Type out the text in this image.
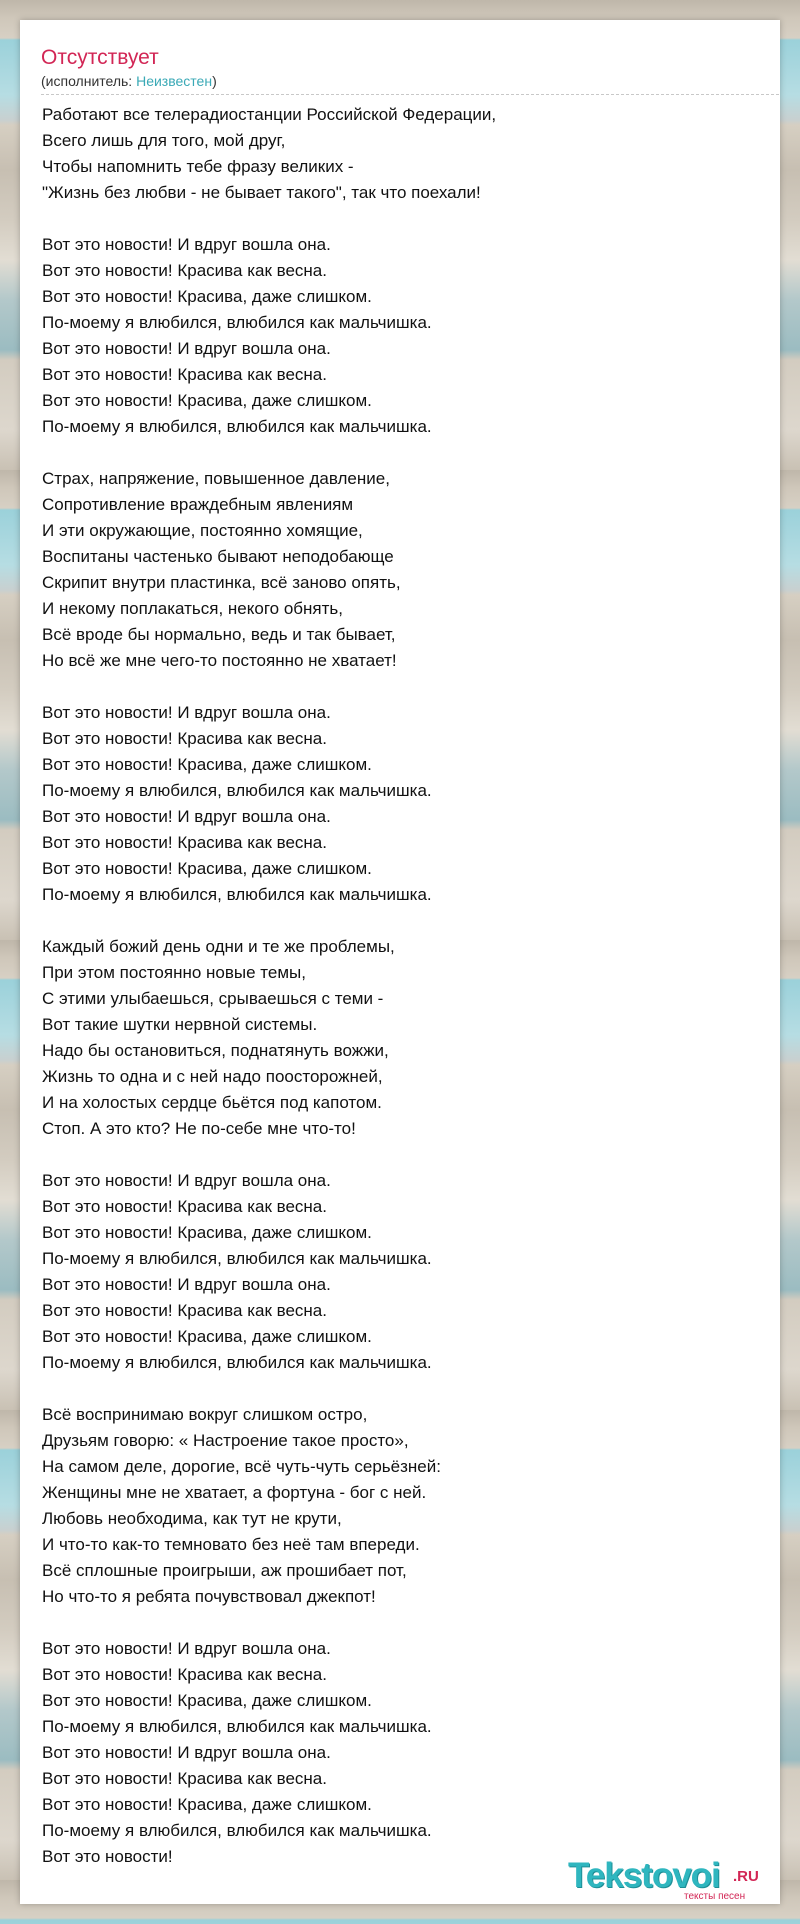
Отсутствует
(исполнитель: Неизвестен)
Работают все телерадиостанции Российской Федерации,
Всего лишь для того, мой друг,
Чтобы напомнить тебе фразу великих -
"Жизнь без любви - не бывает такого", так что поехали!
Вот это новости! И вдруг вошла она.
Вот это новости! Красива как весна.
Вот это новости! Красива, даже слишком.
По-моему я влюбился, влюбился как мальчишка.
Вот это новости! И вдруг вошла она.
Вот это новости! Красива как весна.
Вот это новости! Красива, даже слишком.
По-моему я влюбился, влюбился как мальчишка.
Страх, напряжение, повышенное давление,
Сопротивление враждебным явлениям
И эти окружающие, постоянно хомящие,
Воспитаны частенько бывают неподобающе
Скрипит внутри пластинка, всё заново опять,
И некому поплакаться, некого обнять,
Всё вроде бы нормально, ведь и так бывает,
Но всё же мне чего-то постоянно не хватает!
Вот это новости! И вдруг вошла она.
Вот это новости! Красива как весна.
Вот это новости! Красива, даже слишком.
По-моему я влюбился, влюбился как мальчишка.
Вот это новости! И вдруг вошла она.
Вот это новости! Красива как весна.
Вот это новости! Красива, даже слишком.
По-моему я влюбился, влюбился как мальчишка.
Каждый божий день одни и те же проблемы,
При этом постоянно новые темы,
С этими улыбаешься, срываешься с теми -
Вот такие шутки нервной системы.
Надо бы остановиться, поднатянуть вожжи,
Жизнь то одна и с ней надо поосторожней,
И на холостых сердце бьётся под капотом.
Стоп. А это кто? Не по-себе мне что-то!
Вот это новости! И вдруг вошла она.
Вот это новости! Красива как весна.
Вот это новости! Красива, даже слишком.
По-моему я влюбился, влюбился как мальчишка.
Вот это новости! И вдруг вошла она.
Вот это новости! Красива как весна.
Вот это новости! Красива, даже слишком.
По-моему я влюбился, влюбился как мальчишка.
Всё воспринимаю вокруг слишком остро,
Друзьям говорю: « Настроение такое просто»,
На самом деле, дорогие, всё чуть-чуть серьёзней:
Женщины мне не хватает, а фортуна - бог с ней.
Любовь необходима, как тут не крути,
И что-то как-то темновато без неё там впереди.
Всё сплошные проигрыши, аж прошибает пот,
Но что-то я ребята почувствовал джекпот!
Вот это новости! И вдруг вошла она.
Вот это новости! Красива как весна.
Вот это новости! Красива, даже слишком.
По-моему я влюбился, влюбился как мальчишка.
Вот это новости! И вдруг вошла она.
Вот это новости! Красива как весна.
Вот это новости! Красива, даже слишком.
По-моему я влюбился, влюбился как мальчишка.
Вот это новости!	Tekstovoi .RU
тексты песен
